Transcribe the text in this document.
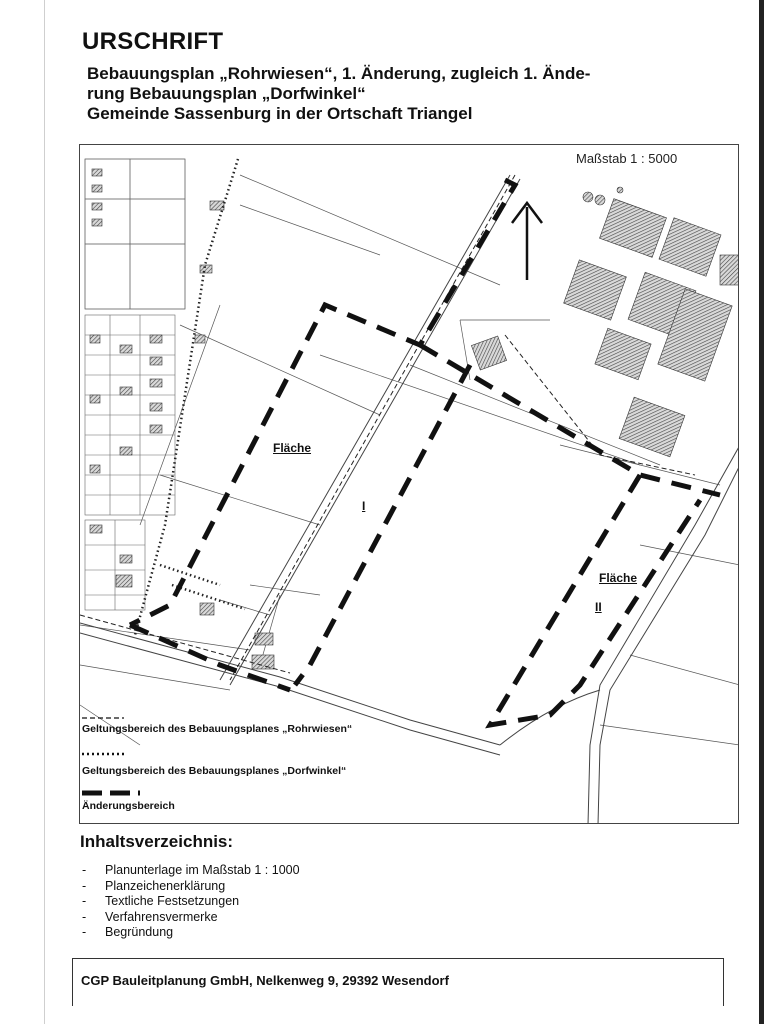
URSCHRIFT
Bebauungsplan „Rohrwiesen“, 1. Änderung, zugleich 1. Ände-
rung Bebauungsplan „Dorfwinkel“
Gemeinde Sassenburg in der Ortschaft Triangel
Maßstab 1 : 5000
Fläche
I
Fläche
II
Geltungsbereich des Bebauungsplanes „Rohrwiesen“
Geltungsbereich des Bebauungsplanes „Dorfwinkel“
Änderungsbereich
Inhaltsverzeichnis:
- Planunterlage im Maßstab 1 : 1000
- Planzeichenerklärung
- Textliche Festsetzungen
- Verfahrensvermerke
- Begründung
CGP Bauleitplanung GmbH, Nelkenweg 9, 29392 Wesendorf
